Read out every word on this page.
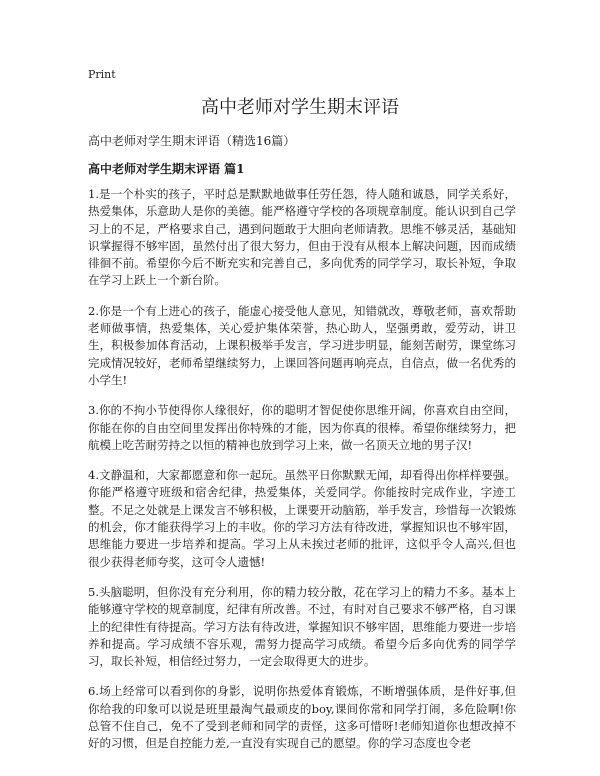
Print
高中老师对学生期末评语
高中老师对学生期末评语（精选16篇）
高中老师对学生期末评语 篇1

1.是一个朴实的孩子，平时总是默默地做事任劳任怨，待人随和诚恳，同学关系好，热爱集体，乐意助人是你的美德。能严格遵守学校的各项规章制度。能认识到自己学习上的不足，严格要求自己，遇到问题敢于大胆向老师请教。思维不够灵活，基础知识掌握得不够牢固，虽然付出了很大努力，但由于没有从根本上解决问题，因而成绩徘徊不前。希望你今后不断充实和完善自己，多向优秀的同学学习，取长补短，争取在学习上跃上一个新台阶。

2.你是一个有上进心的孩子，能虚心接受他人意见，知错就改，尊敬老师，喜欢帮助老师做事情，热爱集体，关心爱护集体荣誉，热心助人，坚强勇敢，爱劳动，讲卫生，积极参加体育活动，上课积极举手发言，学习进步明显，能刻苦耐劳，课堂练习完成情况较好，老师希望继续努力，上课回答问题再响亮点，自信点，做一名优秀的小学生!

3.你的不拘小节使得你人缘很好，你的聪明才智促使你思维开阔，你喜欢自由空间，你能在你的自由空间里发挥出你特殊的才能，因为你真的很棒。希望你继续努力，把航模上吃苦耐劳持之以恒的精神也放到学习上来，做一名顶天立地的男子汉!

4.文静温和，大家都愿意和你一起玩。虽然平日你默默无闻，却看得出你样样要强。你能严格遵守班级和宿舍纪律，热爱集体，关爱同学。你能按时完成作业，字迹工整。不足之处就是上课发言不够积极，上课要开动脑筋，举手发言，珍惜每一次锻炼的机会，你才能获得学习上的丰收。你的学习方法有待改进，掌握知识也不够牢固，思维能力要进一步培养和提高。学习上从未挨过老师的批评，这似乎令人高兴,但也很少获得老师夸奖，这可令人遗憾!

5.头脑聪明，但你没有充分利用，你的精力较分散，花在学习上的精力不多。基本上能够遵守学校的规章制度，纪律有所改善。不过，有时对自己要求不够严格，自习课上的纪律性有待提高。学习方法有待改进，掌握知识不够牢固，思维能力要进一步培养和提高。学习成绩不容乐观，需努力提高学习成绩。希望今后多向优秀的同学学习，取长补短，相信经过努力，一定会取得更大的进步。

6.场上经常可以看到你的身影，说明你热爱体育锻炼，不断增强体质，是件好事,但你给我的印象可以说是班里最淘气最顽皮的boy,课间你常和同学打闹，多危险啊!你总管不住自己，免不了受到老师和同学的责怪，这多可惜呀!老师知道你也想改掉不好的习惯，但是自控能力差,一直没有实现自己的愿望。你的学习态度也令老
